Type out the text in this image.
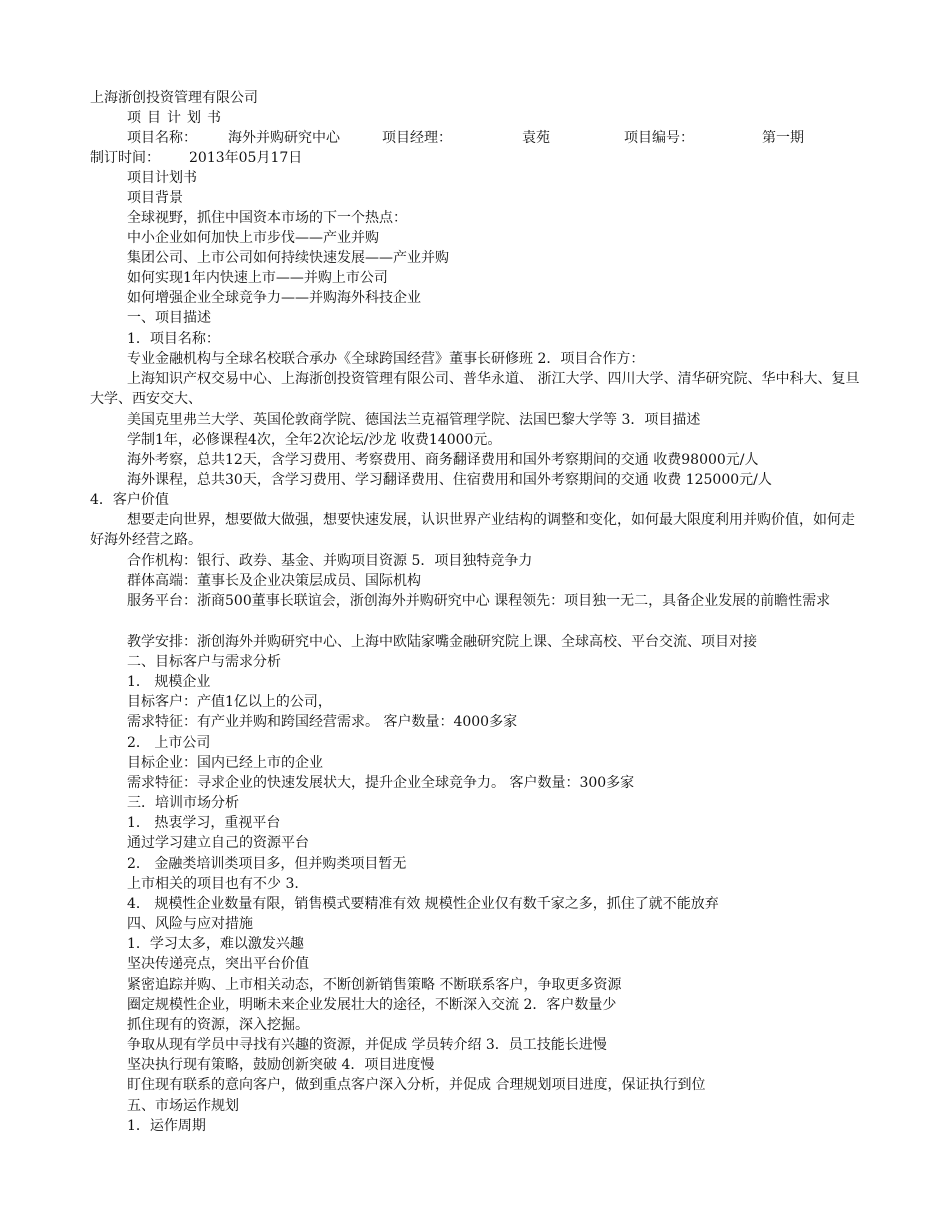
上海浙创投资管理有限公司
项目计划书
项目名称： 海外并购研究中心	项目经理：	袁苑	项目编号：	第一期
制订时间： 2013年05月17日
项目计划书
项目背景
全球视野，抓住中国资本市场的下一个热点：
中小企业如何加快上市步伐——产业并购
集团公司、上市公司如何持续快速发展——产业并购
如何实现1年内快速上市——并购上市公司
如何增强企业全球竞争力——并购海外科技企业
一、项目描述
1．项目名称：
专业金融机构与全球名校联合承办《全球跨国经营》董事长研修班 2．项目合作方：
上海知识产权交易中心、上海浙创投资管理有限公司、普华永道、 浙江大学、四川大学、清华研究院、华中科大、复旦大学、西安交大、
美国克里弗兰大学、英国伦敦商学院、德国法兰克福管理学院、法国巴黎大学等 3．项目描述
学制1年，必修课程4次，全年2次论坛/沙龙 收费14000元。
海外考察，总共12天，含学习费用、考察费用、商务翻译费用和国外考察期间的交通 收费98000元/人
海外课程，总共30天，含学习费用、学习翻译费用、住宿费用和国外考察期间的交通 收费 125000元/人
4．客户价值
想要走向世界，想要做大做强，想要快速发展，认识世界产业结构的调整和变化，如何最大限度利用并购价值，如何走好海外经营之路。
合作机构：银行、政券、基金、并购项目资源 5．项目独特竞争力
群体高端：董事长及企业决策层成员、国际机构
服务平台：浙商500董事长联谊会，浙创海外并购研究中心 课程领先：项目独一无二，具备企业发展的前瞻性需求
教学安排：浙创海外并购研究中心、上海中欧陆家嘴金融研究院上课、全球高校、平台交流、项目对接
二、目标客户与需求分析
1． 规模企业
目标客户：产值1亿以上的公司，
需求特征：有产业并购和跨国经营需求。 客户数量：4000多家
2． 上市公司
目标企业：国内已经上市的企业
需求特征：寻求企业的快速发展状大，提升企业全球竞争力。 客户数量：300多家
三．培训市场分析
1． 热衷学习，重视平台
通过学习建立自己的资源平台
2． 金融类培训类项目多，但并购类项目暂无
上市相关的项目也有不少 3.
4． 规模性企业数量有限，销售模式要精准有效 规模性企业仅有数千家之多，抓住了就不能放弃
四、风险与应对措施
1．学习太多，难以激发兴趣
坚决传递亮点，突出平台价值
紧密追踪并购、上市相关动态，不断创新销售策略 不断联系客户，争取更多资源
圈定规模性企业，明晰未来企业发展壮大的途径，不断深入交流 2．客户数量少
抓住现有的资源，深入挖掘。
争取从现有学员中寻找有兴趣的资源，并促成 学员转介绍 3．员工技能长进慢
坚决执行现有策略，鼓励创新突破 4．项目进度慢
盯住现有联系的意向客户，做到重点客户深入分析，并促成 合理规划项目进度，保证执行到位
五、市场运作规划
1．运作周期
